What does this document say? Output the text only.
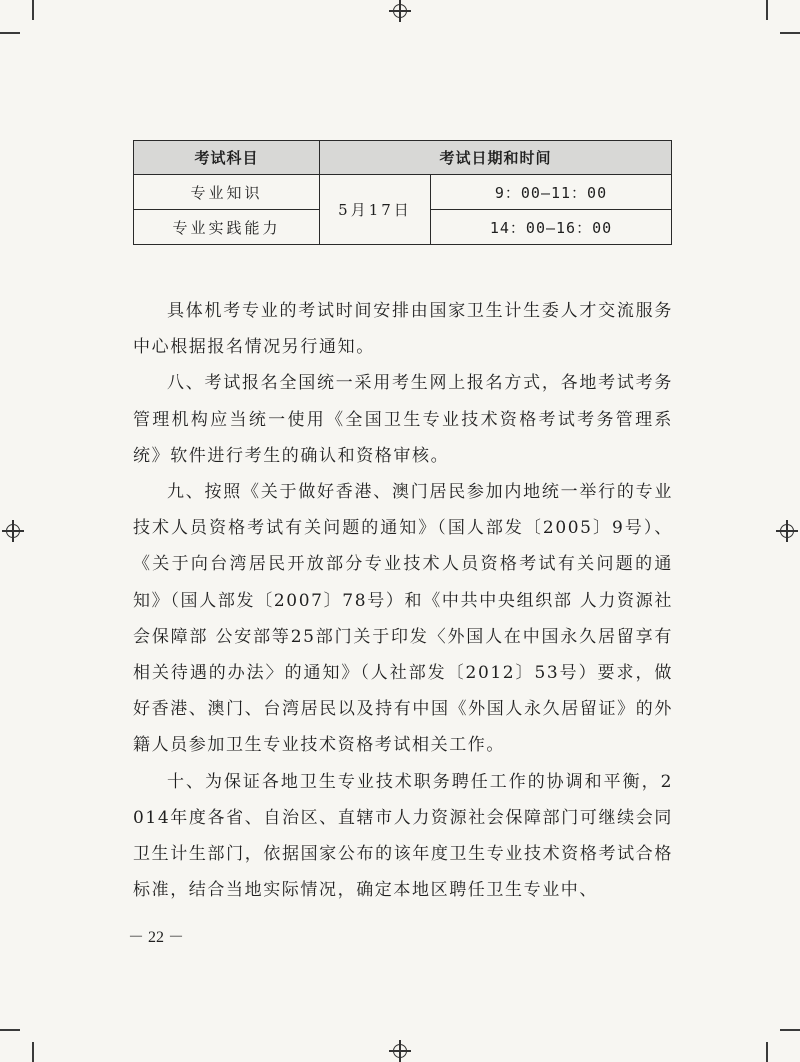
考试科目	考试日期和时间	
专业知识	5月17日	9：00—11：00
专业实践能力		14：00—16：00

具体机考专业的考试时间安排由国家卫生计生委人才交流服务中心根据报名情况另行通知。

八、考试报名全国统一采用考生网上报名方式，各地考试考务管理机构应当统一使用《全国卫生专业技术资格考试考务管理系统》软件进行考生的确认和资格审核。

九、按照《关于做好香港、澳门居民参加内地统一举行的专业技术人员资格考试有关问题的通知》（国人部发〔2005〕9号）、《关于向台湾居民开放部分专业技术人员资格考试有关问题的通知》（国人部发〔2007〕78号）和《中共中央组织部 人力资源社会保障部 公安部等25部门关于印发〈外国人在中国永久居留享有相关待遇的办法〉的通知》（人社部发〔2012〕53号）要求，做好香港、澳门、台湾居民以及持有中国《外国人永久居留证》的外籍人员参加卫生专业技术资格考试相关工作。

十、为保证各地卫生专业技术职务聘任工作的协调和平衡，2014年度各省、自治区、直辖市人力资源社会保障部门可继续会同卫生计生部门，依据国家公布的该年度卫生专业技术资格考试合格标准，结合当地实际情况，确定本地区聘任卫生专业中、

－ 22 －
